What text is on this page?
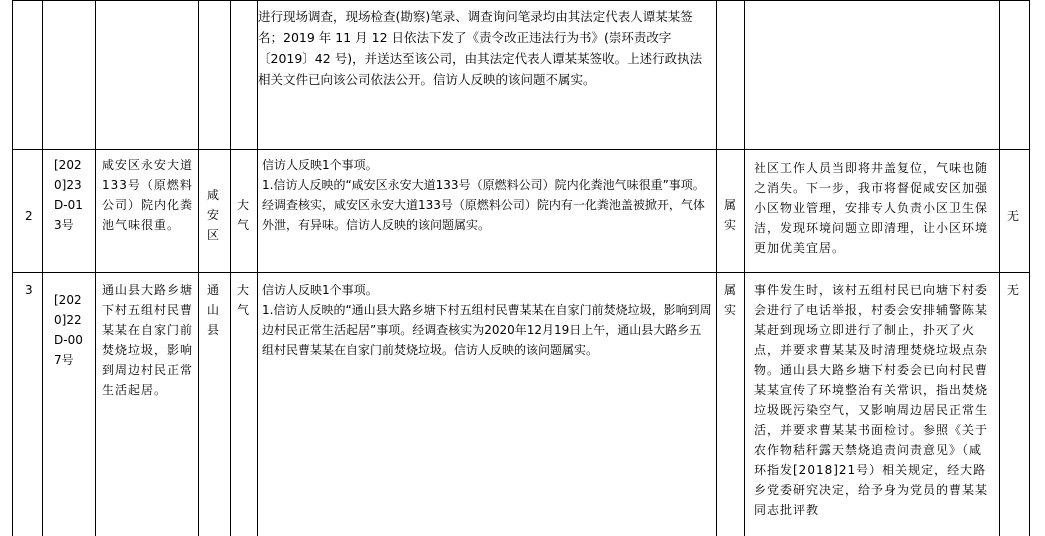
进行现场调查，现场检查(勘察)笔录、调查询问笔录均由其法定代表人谭某某签名；2019 年 11 月 12 日依法下发了《责令改正违法行为书》(崇环责改字〔2019〕42 号)，并送达至该公司，由其法定代表人谭某某签收。上述行政执法相关文件已向该公司依法公开。信访人反映的该问题不属实。
2
[2020]23D-013号
咸安区永安大道133号（原燃料公司）院内化粪池气味很重。
咸安区
大气
信访人反映1个事项。
1.信访人反映的“咸安区永安大道133号（原燃料公司）院内化粪池气味很重”事项。经调查核实，咸安区永安大道133号（原燃料公司）院内有一化粪池盖被掀开，气体外泄，有异味。信访人反映的该问题属实。
属实
社区工作人员当即将井盖复位，气味也随之消失。下一步，我市将督促咸安区加强小区物业管理，安排专人负责小区卫生保洁，发现环境问题立即清理，让小区环境更加优美宜居。
无
3
[2020]22D-007号
通山县大路乡塘下村五组村民曹某某在自家门前焚烧垃圾，影响到周边村民正常生活起居。
通山县
大气
信访人反映1个事项。
1.信访人反映的“通山县大路乡塘下村五组村民曹某某在自家门前焚烧垃圾，影响到周边村民正常生活起居”事项。经调查核实为2020年12月19日上午，通山县大路乡五组村民曹某某在自家门前焚烧垃圾。信访人反映的该问题属实。
属实
事件发生时，该村五组村民已向塘下村委会进行了电话举报，村委会安排辅警陈某某赶到现场立即进行了制止，扑灭了火点，并要求曹某某及时清理焚烧垃圾点杂物。通山县大路乡塘下村委会已向村民曹某某宣传了环境整治有关常识，指出焚烧垃圾既污染空气，又影响周边居民正常生活，并要求曹某某书面检讨。参照《关于农作物秸秆露天禁烧追责问责意见》（咸环指发[2018]21号）相关规定，经大路乡党委研究决定，给予身为党员的曹某某同志批评教
无
